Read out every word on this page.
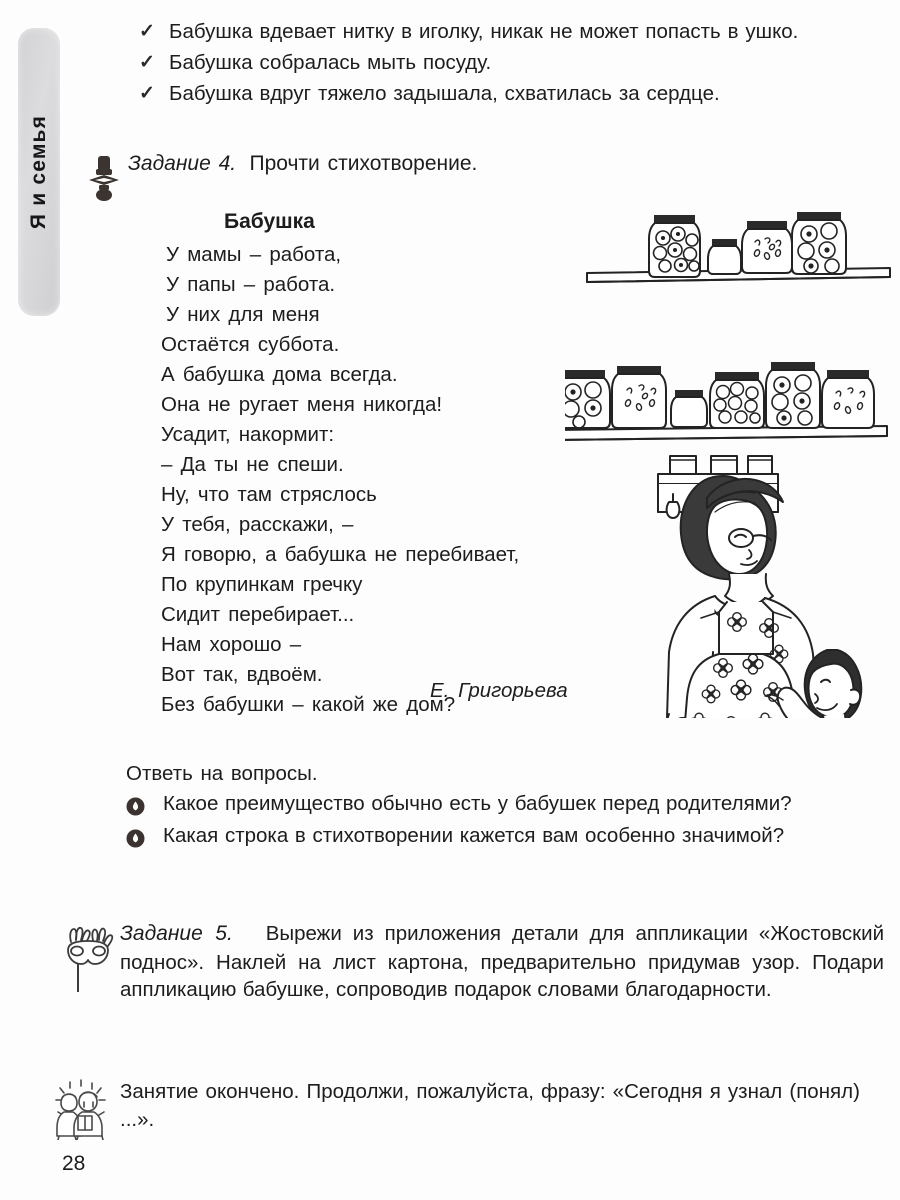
Я и семья
✓ Бабушка вдевает нитку в иголку, никак не может попасть в ушко.
✓ Бабушка собралась мыть посуду.
✓ Бабушка вдруг тяжело задышала, схватилась за сердце.
Задание 4. Прочти стихотворение.
Бабушка
У мамы – работа,
У папы – работа.
У них для меня
Остаётся суббота.
А бабушка дома всегда.
Она не ругает меня никогда!
Усадит, накормит:
– Да ты не спеши.
Ну, что там стряслось
У тебя, расскажи, –
Я говорю, а бабушка не перебивает,
По крупинкам гречку
Сидит перебирает...
Нам хорошо –
Вот так, вдвоём.
Без бабушки – какой же дом?
Е. Григорьева
Ответь на вопросы.
Какое преимущество обычно есть у бабушек перед родителями?
Какая строка в стихотворении кажется вам особенно значимой?
Задание 5. Вырежи из приложения детали для аппликации «Жостовский поднос». Наклей на лист картона, предварительно придумав узор. Подари аппликацию бабушке, сопроводив подарок словами благодарности.
Занятие окончено. Продолжи, пожалуйста, фразу: «Сегодня я узнал (понял) ...».
28
